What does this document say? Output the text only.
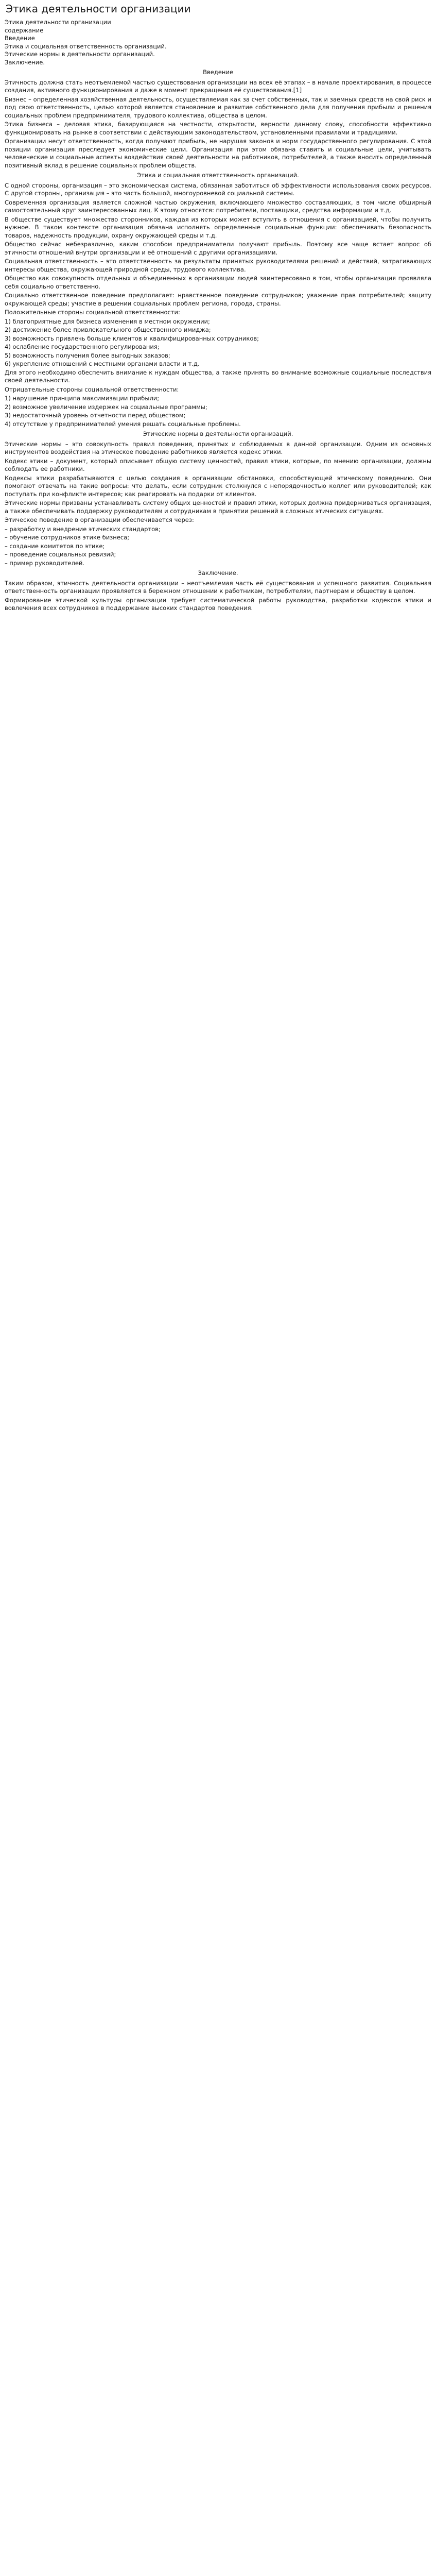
Этика деятельности организации

Этика деятельности организации

содержание

Введение

Этика и социальная ответственность организаций.

Этические нормы в деятельности организаций.

Заключение.

Введение

Этичность должна стать неотъемлемой частью существования организации на всех её этапах – в начале проектирования, в процессе создания, активного функционирования и даже в момент прекращения её существования.[1]

Бизнес – определенная хозяйственная деятельность, осуществляемая как за счет собственных, так и заемных средств на свой риск и под свою ответственность, целью которой является становление и развитие собственного дела для получения прибыли и решения социальных проблем предпринимателя, трудового коллектива, общества в целом.

Этика бизнеса – деловая этика, базирующаяся на честности, открытости, верности данному слову, способности эффективно функционировать на рынке в соответствии с действующим законодательством, установленными правилами и традициями.

Организации несут ответственность, когда получают прибыль, не нарушая законов и норм государственного регулирования. С этой позиции организация преследует экономические цели. Организация при этом обязана ставить и социальные цели, учитывать человеческие и социальные аспекты воздействия своей деятельности на работников, потребителей, а также вносить определенный позитивный вклад в решение социальных проблем обществ.

Этика и социальная ответственность организаций.

С одной стороны, организация – это экономическая система, обязанная заботиться об эффективности использования своих ресурсов. С другой стороны, организация – это часть большой, многоуровневой социальной системы.

Современная организация является сложной частью окружения, включающего множество составляющих, в том числе обширный самостоятельный круг заинтересованных лиц. К этому относятся: потребители, поставщики, средства информации и т.д.

В обществе существует множество сторонников, каждая из которых может вступить в отношения с организацией, чтобы получить нужное. В таком контексте организация обязана исполнять определенные социальные функции: обеспечивать безопасность товаров, надежность продукции, охрану окружающей среды и т.д.

Общество сейчас небезразлично, каким способом предприниматели получают прибыль. Поэтому все чаще встает вопрос об этичности отношений внутри организации и её отношений с другими организациями.

Социальная ответственность – это ответственность за результаты принятых руководителями решений и действий, затрагивающих интересы общества, окружающей природной среды, трудового коллектива.

Общество как совокупность отдельных и объединенных в организации людей заинтересовано в том, чтобы организация проявляла себя социально ответственно.

Социально ответственное поведение предполагает: нравственное поведение сотрудников; уважение прав потребителей; защиту окружающей среды; участие в решении социальных проблем региона, города, страны.

Положительные стороны социальной ответственности:

1) благоприятные для бизнеса изменения в местном окружении;

2) достижение более привлекательного общественного имиджа;

3) возможность привлечь больше клиентов и квалифицированных сотрудников;

4) ослабление государственного регулирования;

5) возможность получения более выгодных заказов;

6) укрепление отношений с местными органами власти и т.д.

Для этого необходимо обеспечить внимание к нуждам общества, а также принять во внимание возможные социальные последствия своей деятельности.

Отрицательные стороны социальной ответственности:

1) нарушение принципа максимизации прибыли;

2) возможное увеличение издержек на социальные программы;

3) недостаточный уровень отчетности перед обществом;

4) отсутствие у предпринимателей умения решать социальные проблемы.

Этические нормы в деятельности организаций.

Этические нормы – это совокупность правил поведения, принятых и соблюдаемых в данной организации. Одним из основных инструментов воздействия на этическое поведение работников является кодекс этики.

Кодекс этики – документ, который описывает общую систему ценностей, правил этики, которые, по мнению организации, должны соблюдать ее работники.

Кодексы этики разрабатываются с целью создания в организации обстановки, способствующей этическому поведению. Они помогают отвечать на такие вопросы: что делать, если сотрудник столкнулся с непорядочностью коллег или руководителей; как поступать при конфликте интересов; как реагировать на подарки от клиентов.

Этические нормы призваны устанавливать систему общих ценностей и правил этики, которых должна придерживаться организация, а также обеспечивать поддержку руководителям и сотрудникам в принятии решений в сложных этических ситуациях.

Этическое поведение в организации обеспечивается через:

– разработку и внедрение этических стандартов;

– обучение сотрудников этике бизнеса;

– создание комитетов по этике;

– проведение социальных ревизий;

– пример руководителей.

Заключение.

Таким образом, этичность деятельности организации – неотъемлемая часть её существования и успешного развития. Социальная ответственность организации проявляется в бережном отношении к работникам, потребителям, партнерам и обществу в целом.

Формирование этической культуры организации требует систематической работы руководства, разработки кодексов этики и вовлечения всех сотрудников в поддержание высоких стандартов поведения.
